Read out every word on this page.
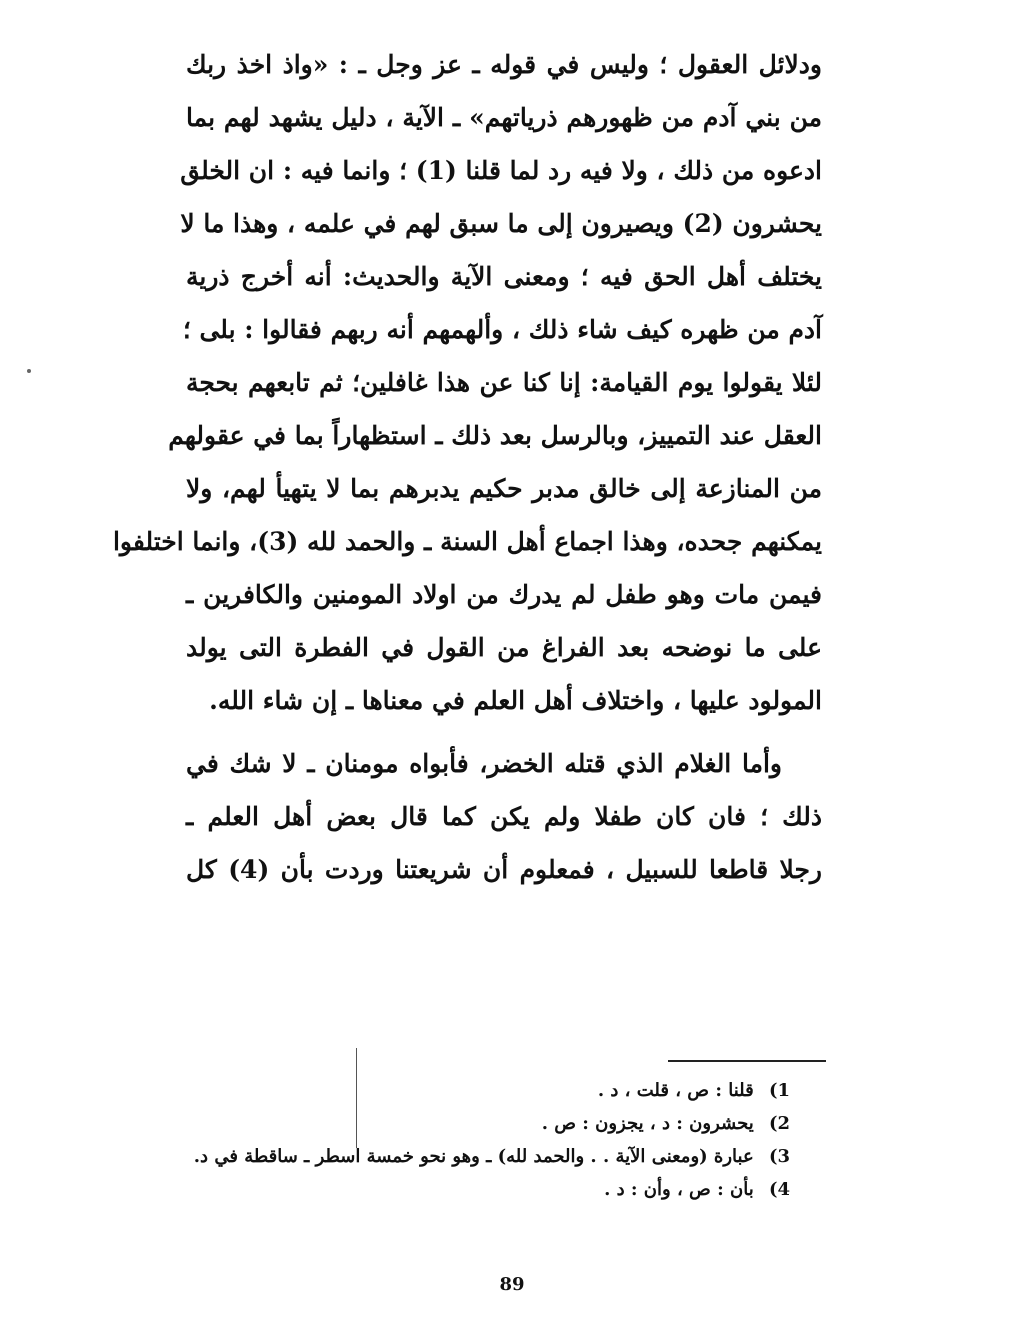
ودلائل العقول ؛ وليس في قوله ـ عز وجل ـ : «واذ اخذ ربك
من بني آدم من ظهورهم ذرياتهم» ـ الآية ، دليل يشهد لهم بما
ادعوه من ذلك ، ولا فيه رد لما قلنا (1) ؛ وانما فيه : ان الخلق
يحشرون (2) ويصيرون إلى ما سبق لهم في علمه ، وهذا ما لا
يختلف أهل الحق فيه ؛ ومعنى الآية والحديث: أنه أخرج ذرية
آدم من ظهره كيف شاء ذلك ، وألهمهم أنه ربهم فقالوا : بلى ؛
لئلا يقولوا يوم القيامة: إنا كنا عن هذا غافلين؛ ثم تابعهم بحجة
العقل عند التمييز، وبالرسل بعد ذلك ـ استظهاراً بما في عقولهم
من المنازعة إلى خالق مدبر حكيم يدبرهم بما لا يتهيأ لهم، ولا
يمكنهم جحده، وهذا اجماع أهل السنة ـ والحمد لله (3)، وانما اختلفوا
فيمن مات وهو طفل لم يدرك من اولاد المومنين والكافرين ـ
على ما نوضحه بعد الفراغ من القول في الفطرة التى يولد
المولود عليها ، واختلاف أهل العلم في معناها ـ إن شاء الله.
وأما الغلام الذي قتله الخضر، فأبواه مومنان ـ لا شك في
ذلك ؛ فان كان طفلا ولم يكن كما قال بعض أهل العلم ـ
رجلا قاطعا للسبيل ، فمعلوم أن شريعتنا وردت بأن (4) كل
1) قلنا : ص ، قلت ، د .
2) يحشرون : د ، يجزون : ص .
3) عبارة (ومعنى الآية . . والحمد لله) ـ وهو نحو خمسة اسطر ـ ساقطة في د.
4) بأن : ص ، وأن : د .
89
